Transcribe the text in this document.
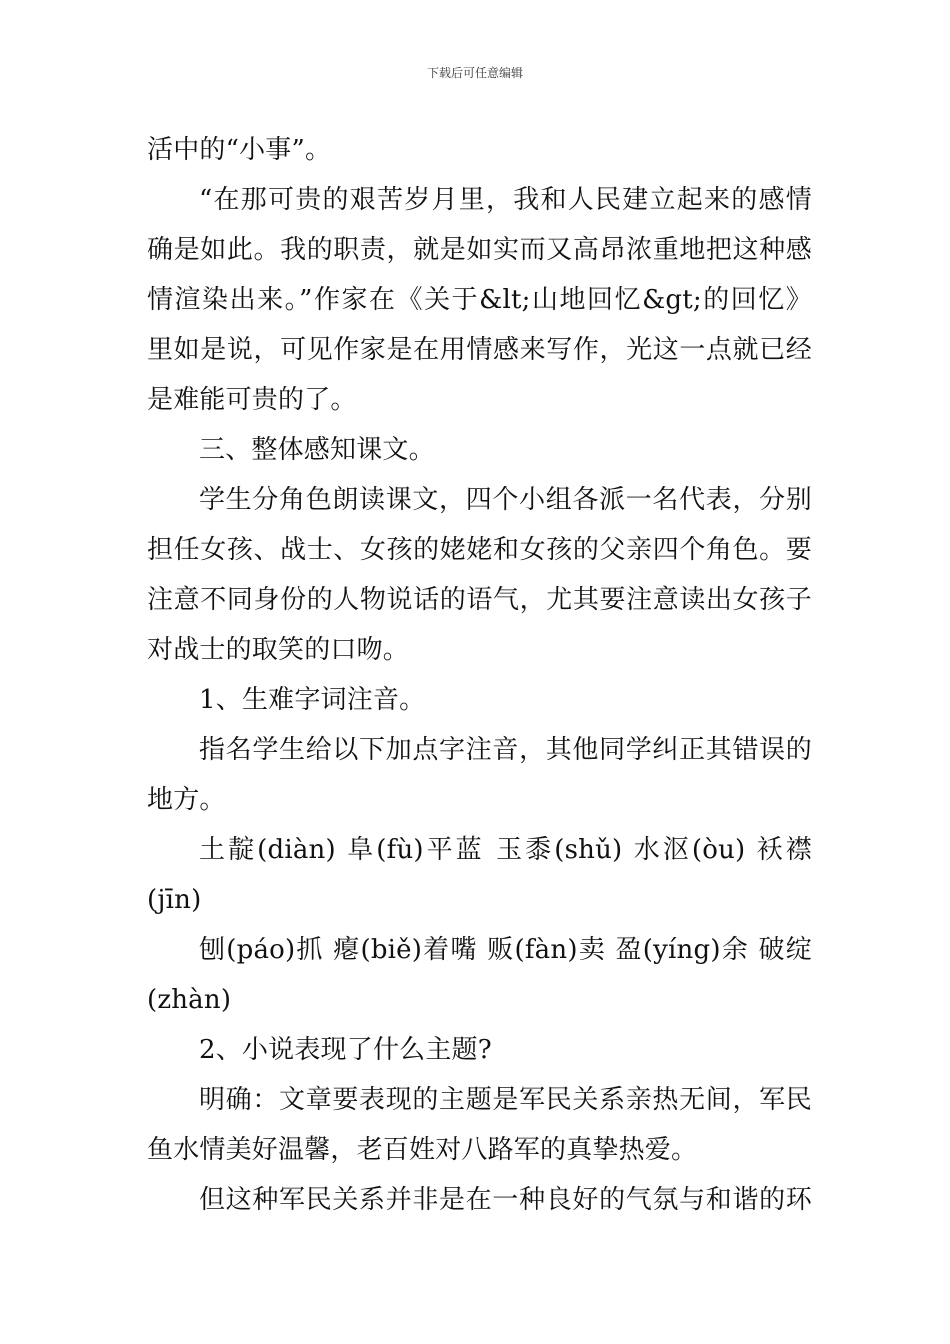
下载后可任意编辑
活中的“小事”。
“在那可贵的艰苦岁月里，我和人民建立起来的感情
确是如此。我的职责，就是如实而又高昂浓重地把这种感
情渲染出来。”作家在《关于&lt;山地回忆&gt;的回忆》
里如是说，可见作家是在用情感来写作，光这一点就已经
是难能可贵的了。
三、整体感知课文。
学生分角色朗读课文，四个小组各派一名代表，分别
担任女孩、战士、女孩的姥姥和女孩的父亲四个角色。要
注意不同身份的人物说话的语气，尤其要注意读出女孩子
对战士的取笑的口吻。
1、生难字词注音。
指名学生给以下加点字注音，其他同学纠正其错误的
地方。
土靛(diàn) 阜(fù)平蓝 玉黍(shǔ) 水沤(òu) 袄襟
(jīn)
刨(páo)抓 瘪(biě)着嘴 贩(fàn)卖 盈(yíng)余 破绽
(zhàn)
2、小说表现了什么主题?
明确：文章要表现的主题是军民关系亲热无间，军民
鱼水情美好温馨，老百姓对八路军的真挚热爱。
但这种军民关系并非是在一种良好的气氛与和谐的环
